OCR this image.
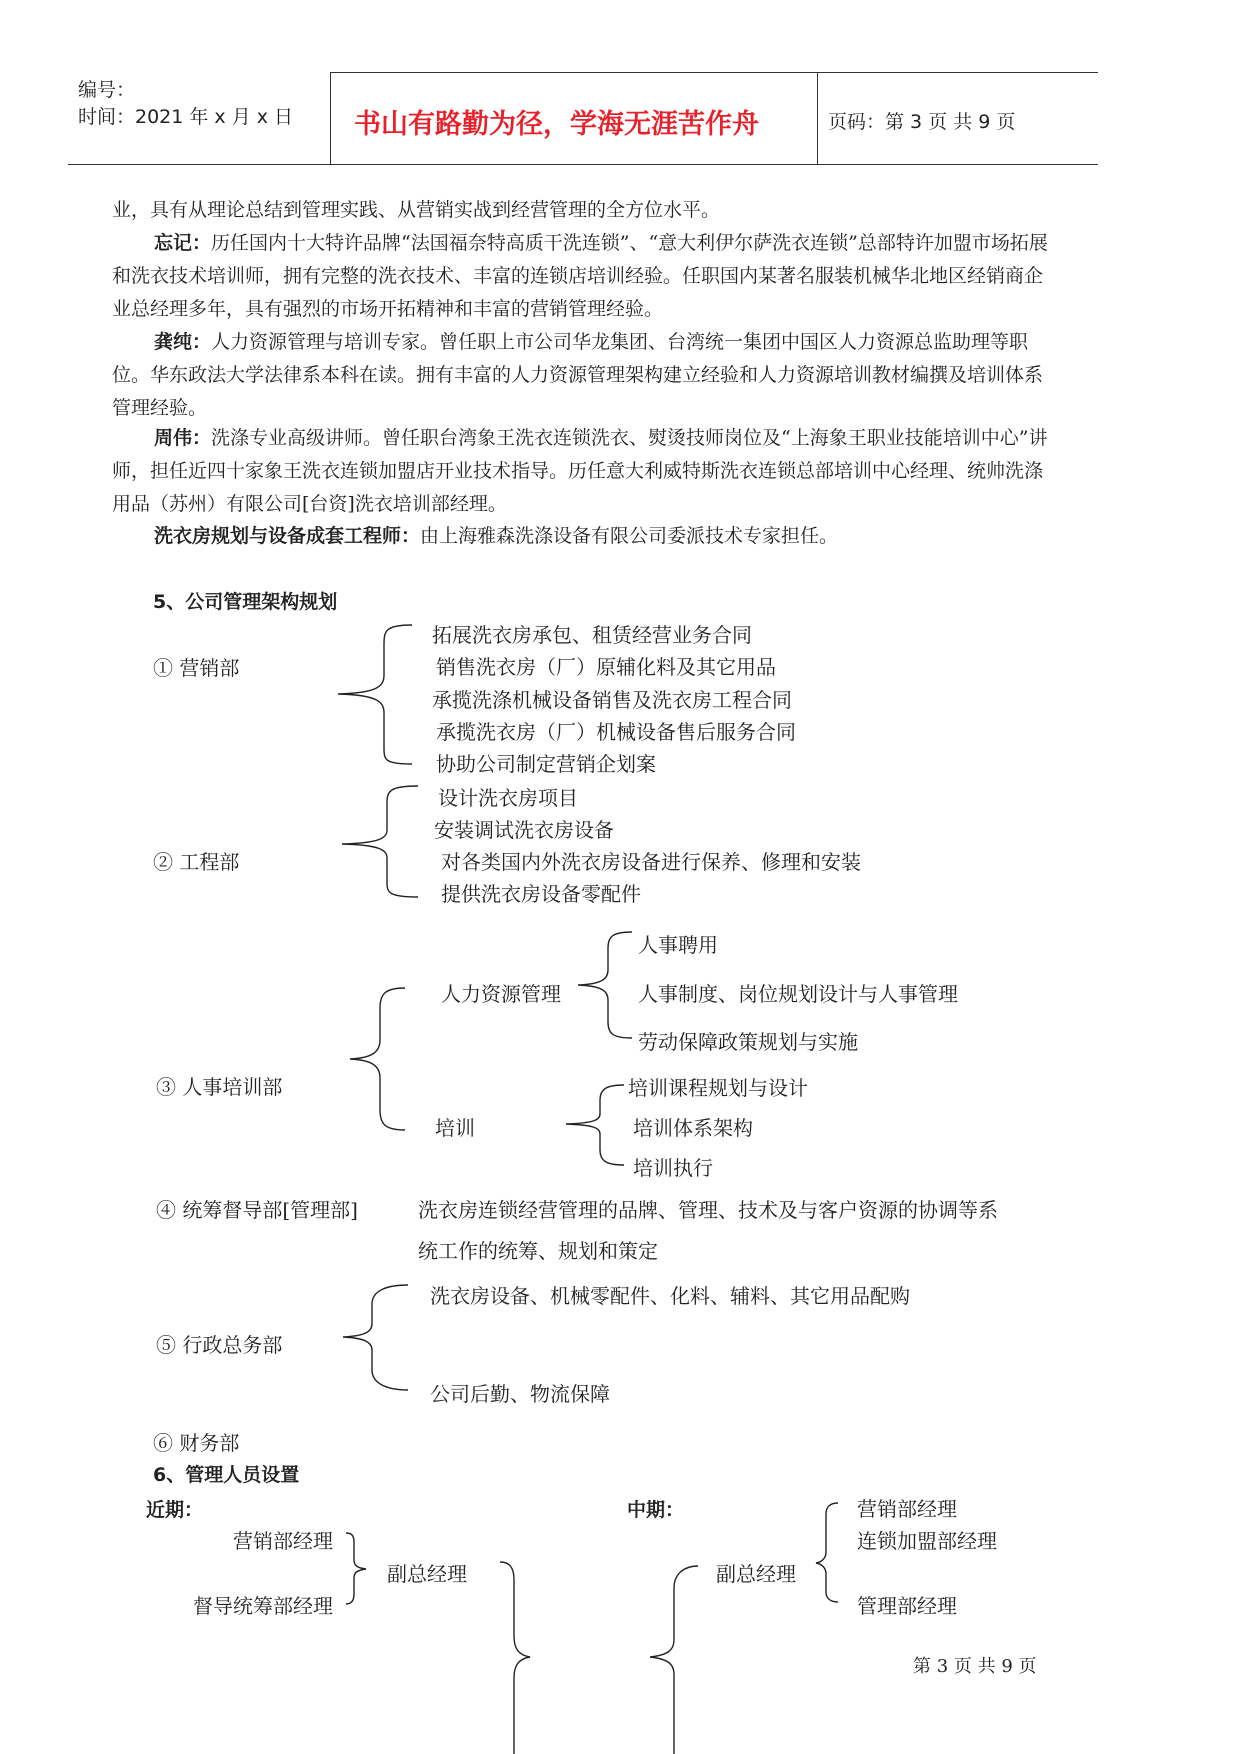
编号：
时间：2021 年 x 月 x 日 书山有路勤为径，学海无涯苦作舟	页码：第 3 页 共 9 页
业，具有从理论总结到管理实践、从营销实战到经营管理的全方位水平。
忘记：历任国内十大特许品牌“法国福奈特高质干洗连锁”、“意大利伊尔萨洗衣连锁”总部特许加盟市场拓展和洗衣技术培训师，拥有完整的洗衣技术、丰富的连锁店培训经验。任职国内某著名服装机械华北地区经销商企业总经理多年，具有强烈的市场开拓精神和丰富的营销管理经验。
龚纯：人力资源管理与培训专家。曾任职上市公司华龙集团、台湾统一集团中国区人力资源总监助理等职位。华东政法大学法律系本科在读。拥有丰富的人力资源管理架构建立经验和人力资源培训教材编撰及培训体系管理经验。
周伟：洗涤专业高级讲师。曾任职台湾象王洗衣连锁洗衣、熨烫技师岗位及“上海象王职业技能培训中心”讲师，担任近四十家象王洗衣连锁加盟店开业技术指导。历任意大利威特斯洗衣连锁总部培训中心经理、统帅洗涤用品（苏州）有限公司[台资]洗衣培训部经理。
洗衣房规划与设备成套工程师：由上海雅森洗涤设备有限公司委派技术专家担任。
5、公司管理架构规划
① 营销部
拓展洗衣房承包、租赁经营业务合同
销售洗衣房（厂）原辅化料及其它用品
承揽洗涤机械设备销售及洗衣房工程合同
承揽洗衣房（厂）机械设备售后服务合同
协助公司制定营销企划案
② 工程部
设计洗衣房项目
安装调试洗衣房设备
对各类国内外洗衣房设备进行保养、修理和安装
提供洗衣房设备零配件
③ 人事培训部
人力资源管理
人事聘用
人事制度、岗位规划设计与人事管理
劳动保障政策规划与实施
培训
培训课程规划与设计
培训体系架构
培训执行
④ 统筹督导部[管理部]	洗衣房连锁经营管理的品牌、管理、技术及与客户资源的协调等系
统工作的统筹、规划和策定
⑤ 行政总务部
洗衣房设备、机械零配件、化料、辅料、其它用品配购
公司后勤、物流保障
⑥ 财务部
6、管理人员设置
近期：
营销部经理
督导统筹部经理
副总经理
中期：
副总经理
营销部经理
连锁加盟部经理
管理部经理
第 3 页 共 9 页
